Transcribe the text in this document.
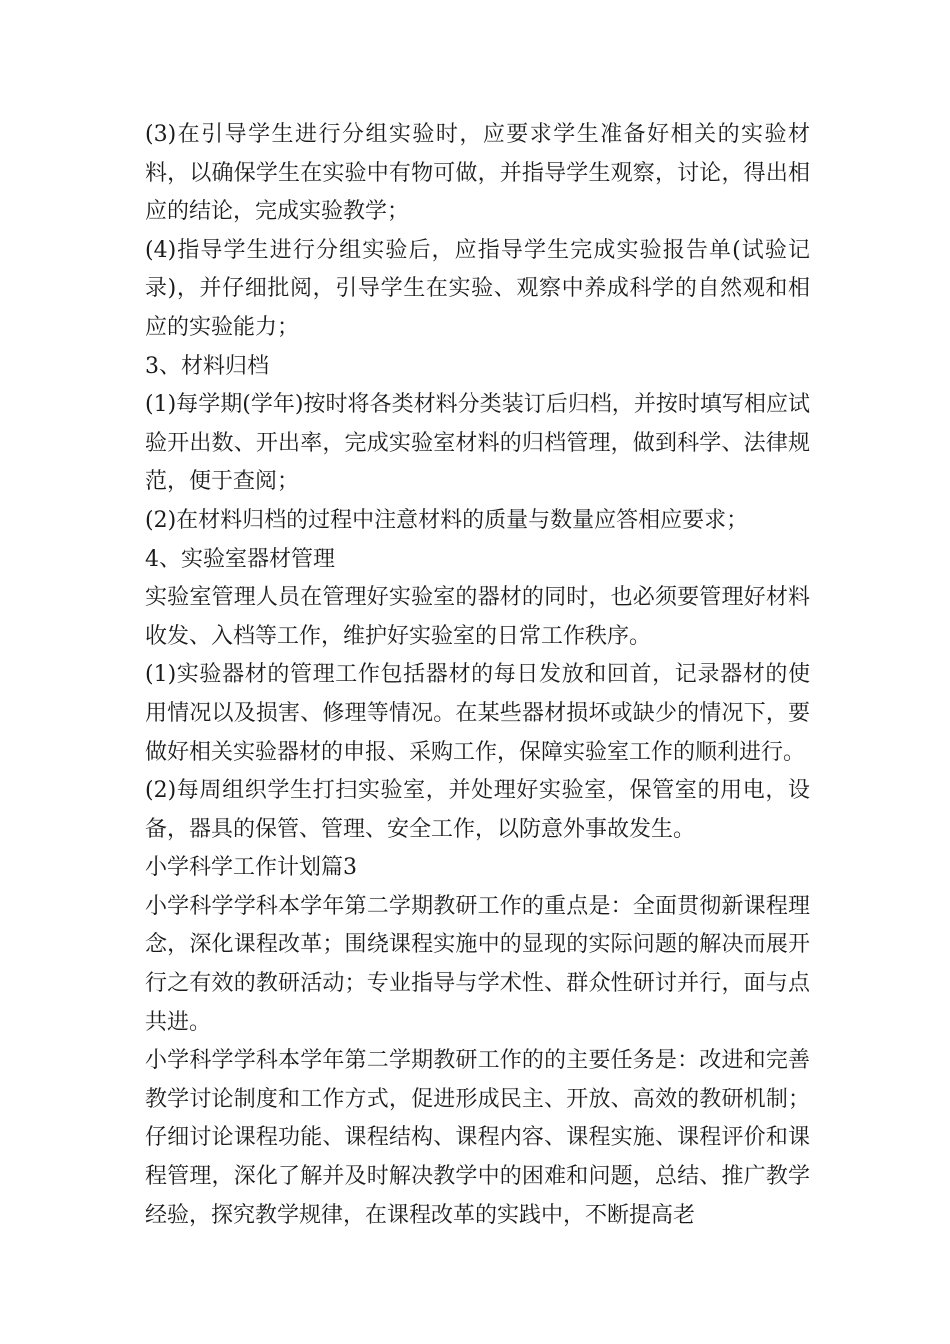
(3)在引导学生进行分组实验时，应要求学生准备好相关的实验材料，以确保学生在实验中有物可做，并指导学生观察，讨论，得出相应的结论，完成实验教学；

(4)指导学生进行分组实验后，应指导学生完成实验报告单(试验记录)，并仔细批阅，引导学生在实验、观察中养成科学的自然观和相应的实验能力；

3、材料归档

(1)每学期(学年)按时将各类材料分类装订后归档，并按时填写相应试验开出数、开出率，完成实验室材料的归档管理，做到科学、法律规范，便于查阅；

(2)在材料归档的过程中注意材料的质量与数量应答相应要求；

4、实验室器材管理

实验室管理人员在管理好实验室的器材的同时，也必须要管理好材料收发、入档等工作，维护好实验室的日常工作秩序。

(1)实验器材的管理工作包括器材的每日发放和回首，记录器材的使用情况以及损害、修理等情况。在某些器材损坏或缺少的情况下，要做好相关实验器材的申报、采购工作，保障实验室工作的顺利进行。

(2)每周组织学生打扫实验室，并处理好实验室，保管室的用电，设备，器具的保管、管理、安全工作，以防意外事故发生。

小学科学工作计划篇3

小学科学学科本学年第二学期教研工作的重点是：全面贯彻新课程理念，深化课程改革；围绕课程实施中的显现的实际问题的解决而展开行之有效的教研活动；专业指导与学术性、群众性研讨并行，面与点共进。

小学科学学科本学年第二学期教研工作的的主要任务是：改进和完善教学讨论制度和工作方式，促进形成民主、开放、高效的教研机制；仔细讨论课程功能、课程结构、课程内容、课程实施、课程评价和课程管理，深化了解并及时解决教学中的困难和问题，总结、推广教学经验，探究教学规律，在课程改革的实践中，不断提高老
